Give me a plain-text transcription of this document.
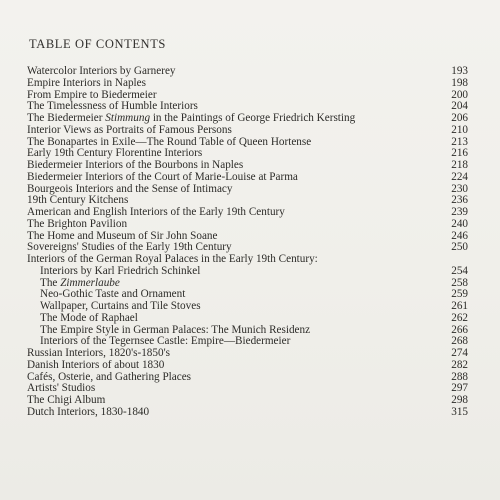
TABLE OF CONTENTS
Watercolor Interiors by Garnerey	193
Empire Interiors in Naples	198
From Empire to Biedermeier	200
The Timelessness of Humble Interiors	204
The Biedermeier Stimmung in the Paintings of George Friedrich Kersting	206
Interior Views as Portraits of Famous Persons	210
The Bonapartes in Exile—The Round Table of Queen Hortense	213
Early 19th Century Florentine Interiors	216
Biedermeier Interiors of the Bourbons in Naples	218
Biedermeier Interiors of the Court of Marie-Louise at Parma	224
Bourgeois Interiors and the Sense of Intimacy	230
19th Century Kitchens	236
American and English Interiors of the Early 19th Century	239
The Brighton Pavilion	240
The Home and Museum of Sir John Soane	246
Sovereigns' Studies of the Early 19th Century	250
Interiors of the German Royal Palaces in the Early 19th Century:
Interiors by Karl Friedrich Schinkel	254
The Zimmerlaube	258
Neo-Gothic Taste and Ornament	259
Wallpaper, Curtains and Tile Stoves	261
The Mode of Raphael	262
The Empire Style in German Palaces: The Munich Residenz	266
Interiors of the Tegernsee Castle: Empire—Biedermeier	268
Russian Interiors, 1820's-1850's	274
Danish Interiors of about 1830	282
Cafés, Osterie, and Gathering Places	288
Artists' Studios	297
The Chigi Album	298
Dutch Interiors, 1830-1840	315
